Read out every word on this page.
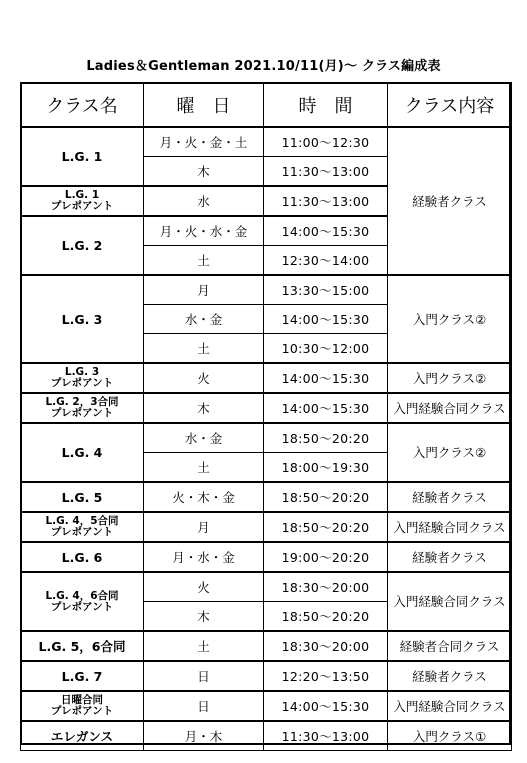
Ladies＆Gentleman 2021.10/11(月)～ クラス編成表
クラス名	曜　日	時　間	クラス内容
L.G. 1	月・火・金・土	11:00～12:30	経験者クラス
	木	11:30～13:00	
L.G. 1
プレポアント	水	11:30～13:00	
L.G. 2	月・火・水・金	14:00～15:30	
	土	12:30～14:00	
L.G. 3	月	13:30～15:00	入門クラス②
	水・金	14:00～15:30	
	土	10:30～12:00	
L.G. 3
プレポアント	火	14:00～15:30	入門クラス②
L.G. 2，3合同
プレポアント	木	14:00～15:30	入門経験合同クラス
L.G. 4	水・金	18:50～20:20	入門クラス②
	土	18:00～19:30	
L.G. 5	火・木・金	18:50～20:20	経験者クラス
L.G. 4，5合同
プレポアント	月	18:50～20:20	入門経験合同クラス
L.G. 6	月・水・金	19:00～20:20	経験者クラス
L.G. 4，6合同
プレポアント	火	18:30～20:00	入門経験合同クラス
	木	18:50～20:20	
L.G. 5，6合同	土	18:30～20:00	経験者合同クラス
L.G. 7	日	12:20～13:50	経験者クラス
日曜合同
プレポアント	日	14:00～15:30	入門経験合同クラス
エレガンス	月・木	11:30～13:00	入門クラス①
